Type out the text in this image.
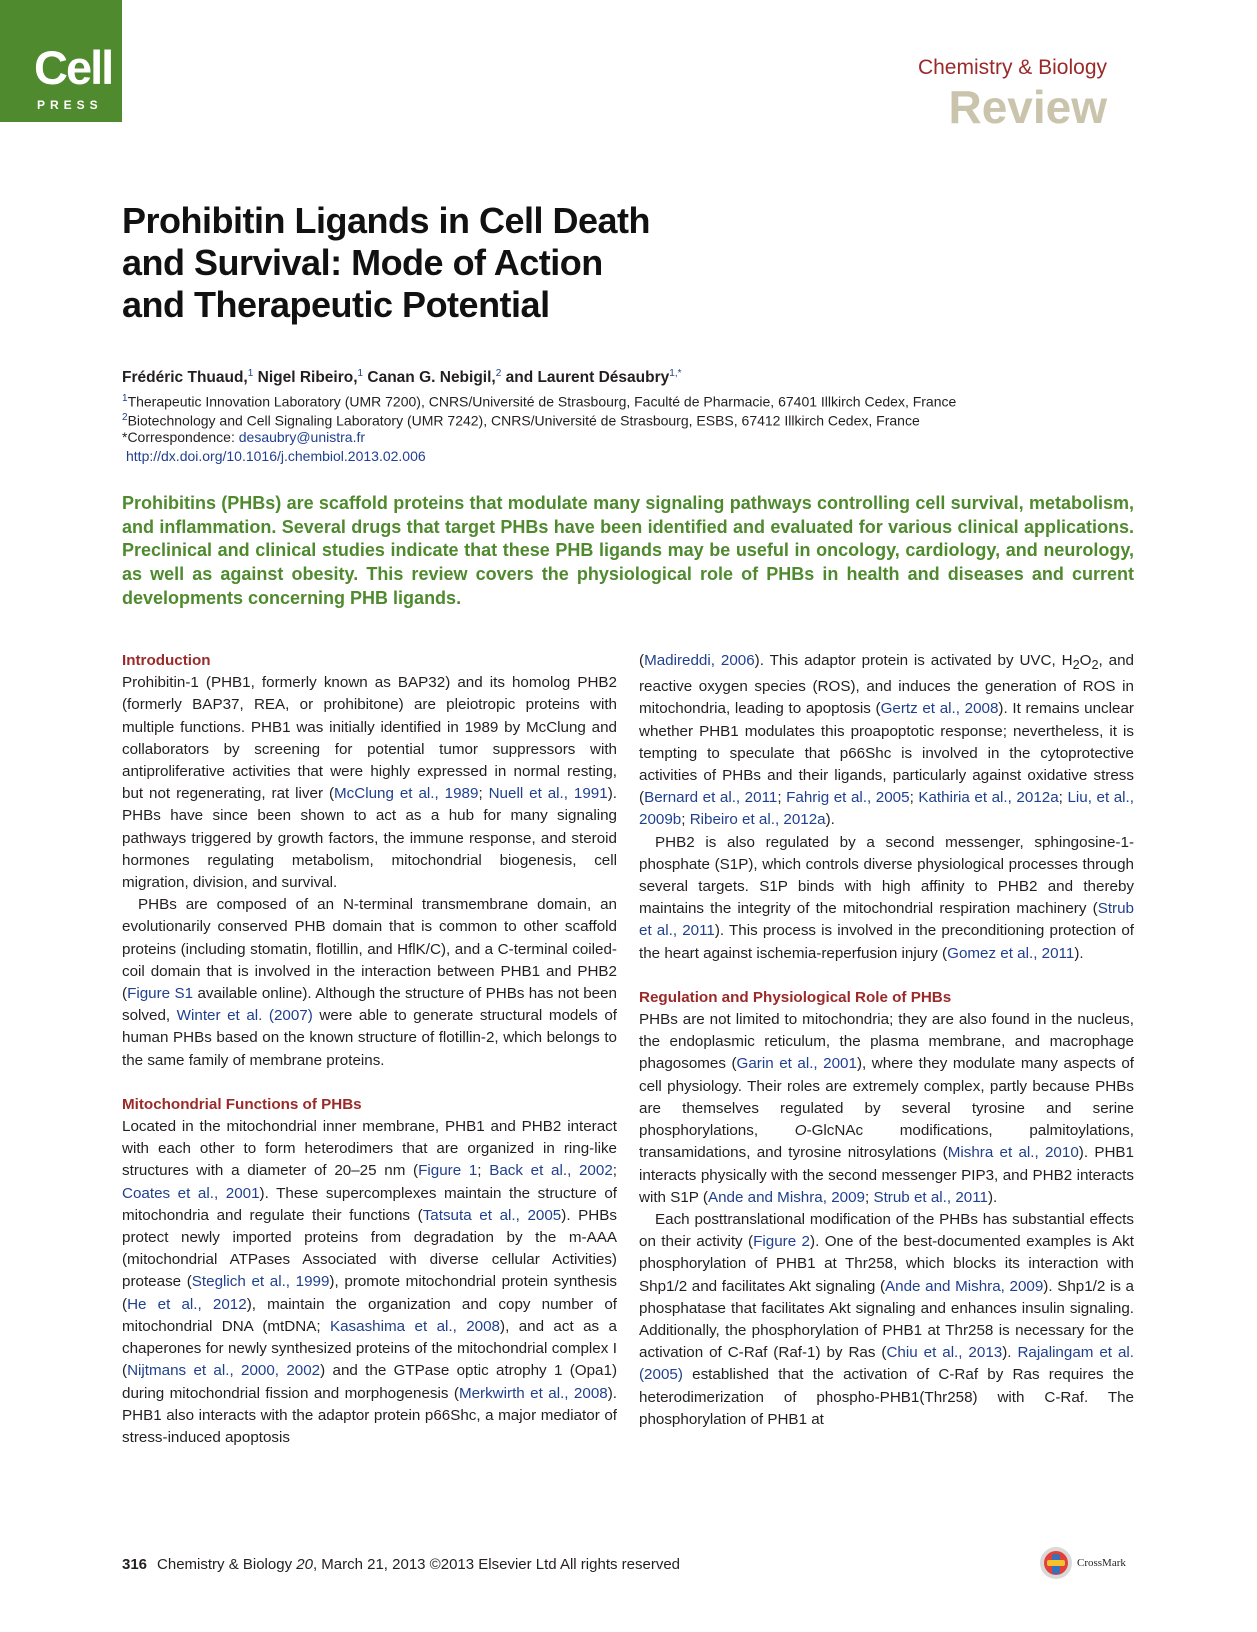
Cell
PRESS
Chemistry & Biology
Review
Prohibitin Ligands in Cell Death
and Survival: Mode of Action
and Therapeutic Potential
Frédéric Thuaud,$^1$ Nigel Ribeiro,$^1$ Canan G. Nebigil,$^2$ and Laurent Désaubry$^{1,*}$
$^1$Therapeutic Innovation Laboratory (UMR 7200), CNRS/Université de Strasbourg, Faculté de Pharmacie, 67401 Illkirch Cedex, France
$^2$Biotechnology and Cell Signaling Laboratory (UMR 7242), CNRS/Université de Strasbourg, ESBS, 67412 Illkirch Cedex, France
*Correspondence: desaubry@unistra.fr
http://dx.doi.org/10.1016/j.chembiol.2013.02.006
Prohibitins (PHBs) are scaffold proteins that modulate many signaling pathways controlling cell survival, metabolism, and inflammation. Several drugs that target PHBs have been identified and evaluated for various clinical applications. Preclinical and clinical studies indicate that these PHB ligands may be useful in oncology, cardiology, and neurology, as well as against obesity. This review covers the physiological role of PHBs in health and diseases and current developments concerning PHB ligands.
Introduction

Prohibitin-1 (PHB1, formerly known as BAP32) and its homolog PHB2 (formerly BAP37, REA, or prohibitone) are pleiotropic proteins with multiple functions. PHB1 was initially identified in 1989 by McClung and collaborators by screening for potential tumor suppressors with antiproliferative activities that were highly expressed in normal resting, but not regenerating, rat liver (McClung et al., 1989; Nuell et al., 1991). PHBs have since been shown to act as a hub for many signaling pathways triggered by growth factors, the immune response, and steroid hormones regulating metabolism, mitochondrial biogenesis, cell migration, division, and survival.

PHBs are composed of an N-terminal transmembrane domain, an evolutionarily conserved PHB domain that is common to other scaffold proteins (including stomatin, flotillin, and HflK/C), and a C-terminal coiled-coil domain that is involved in the interaction between PHB1 and PHB2 (Figure S1 available online). Although the structure of PHBs has not been solved, Winter et al. (2007) were able to generate structural models of human PHBs based on the known structure of flotillin-2, which belongs to the same family of membrane proteins.

Mitochondrial Functions of PHBs

Located in the mitochondrial inner membrane, PHB1 and PHB2 interact with each other to form heterodimers that are organized in ring-like structures with a diameter of 20–25 nm (Figure 1; Back et al., 2002; Coates et al., 2001). These supercomplexes maintain the structure of mitochondria and regulate their functions (Tatsuta et al., 2005). PHBs protect newly imported proteins from degradation by the m-AAA (mitochondrial ATPases Associated with diverse cellular Activities) protease (Steglich et al., 1999), promote mitochondrial protein synthesis (He et al., 2012), maintain the organization and copy number of mitochondrial DNA (mtDNA; Kasashima et al., 2008), and act as a chaperones for newly synthesized proteins of the mitochondrial complex I (Nijtmans et al., 2000, 2002) and the GTPase optic atrophy 1 (Opa1) during mitochondrial fission and morphogenesis (Merkwirth et al., 2008). PHB1 also interacts with the adaptor protein p66Shc, a major mediator of stress-induced apoptosis

(Madireddi, 2006). This adaptor protein is activated by UVC, $H_2O_2$, and reactive oxygen species (ROS), and induces the generation of ROS in mitochondria, leading to apoptosis (Gertz et al., 2008). It remains unclear whether PHB1 modulates this proapoptotic response; nevertheless, it is tempting to speculate that p66Shc is involved in the cytoprotective activities of PHBs and their ligands, particularly against oxidative stress (Bernard et al., 2011; Fahrig et al., 2005; Kathiria et al., 2012a; Liu, et al., 2009b; Ribeiro et al., 2012a).

PHB2 is also regulated by a second messenger, sphingosine-1-phosphate (S1P), which controls diverse physiological processes through several targets. S1P binds with high affinity to PHB2 and thereby maintains the integrity of the mitochondrial respiration machinery (Strub et al., 2011). This process is involved in the preconditioning protection of the heart against ischemia-reperfusion injury (Gomez et al., 2011).

Regulation and Physiological Role of PHBs

PHBs are not limited to mitochondria; they are also found in the nucleus, the endoplasmic reticulum, the plasma membrane, and macrophage phagosomes (Garin et al., 2001), where they modulate many aspects of cell physiology. Their roles are extremely complex, partly because PHBs are themselves regulated by several tyrosine and serine phosphorylations, O-GlcNAc modifications, palmitoylations, transamidations, and tyrosine nitrosylations (Mishra et al., 2010). PHB1 interacts physically with the second messenger PIP3, and PHB2 interacts with S1P (Ande and Mishra, 2009; Strub et al., 2011).

Each posttranslational modification of the PHBs has substantial effects on their activity (Figure 2). One of the best-documented examples is Akt phosphorylation of PHB1 at Thr258, which blocks its interaction with Shp1/2 and facilitates Akt signaling (Ande and Mishra, 2009). Shp1/2 is a phosphatase that facilitates Akt signaling and enhances insulin signaling. Additionally, the phosphorylation of PHB1 at Thr258 is necessary for the activation of C-Raf (Raf-1) by Ras (Chiu et al., 2013). Rajalingam et al. (2005) established that the activation of C-Raf by Ras requires the heterodimerization of phospho-PHB1(Thr258) with C-Raf. The phosphorylation of PHB1 at

316 Chemistry & Biology 20, March 21, 2013 ©2013 Elsevier Ltd All rights reserved	CrossMark
